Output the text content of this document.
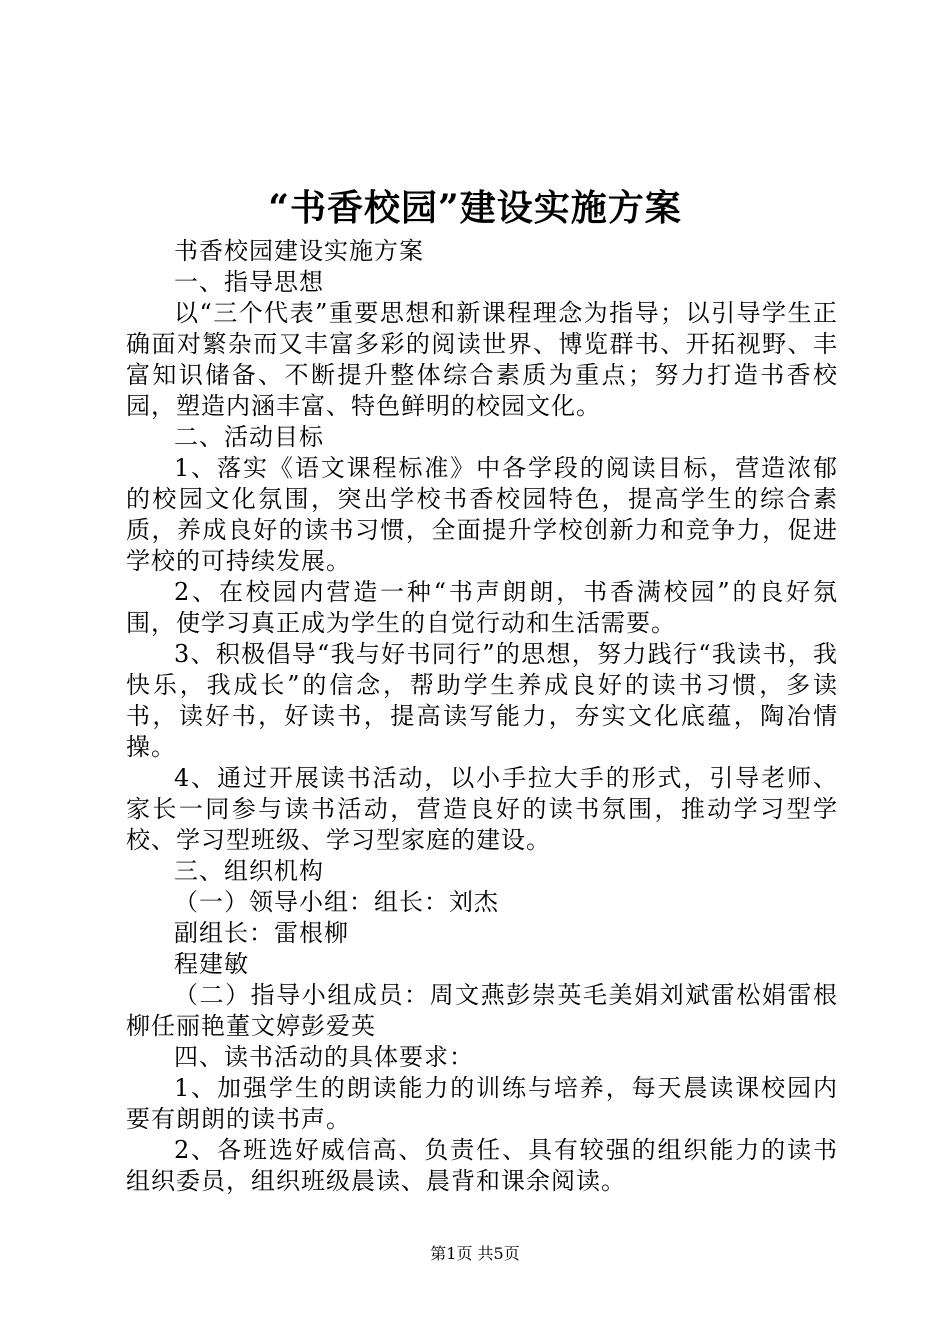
“书香校园”建设实施方案

书香校园建设实施方案

一、指导思想

以“三个代表”重要思想和新课程理念为指导；以引导学生正确面对繁杂而又丰富多彩的阅读世界、博览群书、开拓视野、丰富知识储备、不断提升整体综合素质为重点；努力打造书香校园，塑造内涵丰富、特色鲜明的校园文化。

二、活动目标

1、落实《语文课程标准》中各学段的阅读目标，营造浓郁的校园文化氛围，突出学校书香校园特色，提高学生的综合素质，养成良好的读书习惯，全面提升学校创新力和竞争力，促进学校的可持续发展。

2、在校园内营造一种“书声朗朗，书香满校园”的良好氛围，使学习真正成为学生的自觉行动和生活需要。

3、积极倡导“我与好书同行”的思想，努力践行“我读书，我快乐，我成长”的信念，帮助学生养成良好的读书习惯，多读书，读好书，好读书，提高读写能力，夯实文化底蕴，陶冶情操。

4、通过开展读书活动，以小手拉大手的形式，引导老师、家长一同参与读书活动，营造良好的读书氛围，推动学习型学校、学习型班级、学习型家庭的建设。

三、组织机构

（一）领导小组：组长：刘杰

副组长：雷根柳

程建敏

（二）指导小组成员：周文燕彭崇英毛美娟刘斌雷松娟雷根柳任丽艳董文婷彭爱英

四、读书活动的具体要求：

1、加强学生的朗读能力的训练与培养，每天晨读课校园内要有朗朗的读书声。

2、各班选好威信高、负责任、具有较强的组织能力的读书组织委员，组织班级晨读、晨背和课余阅读。

第1页 共5页
